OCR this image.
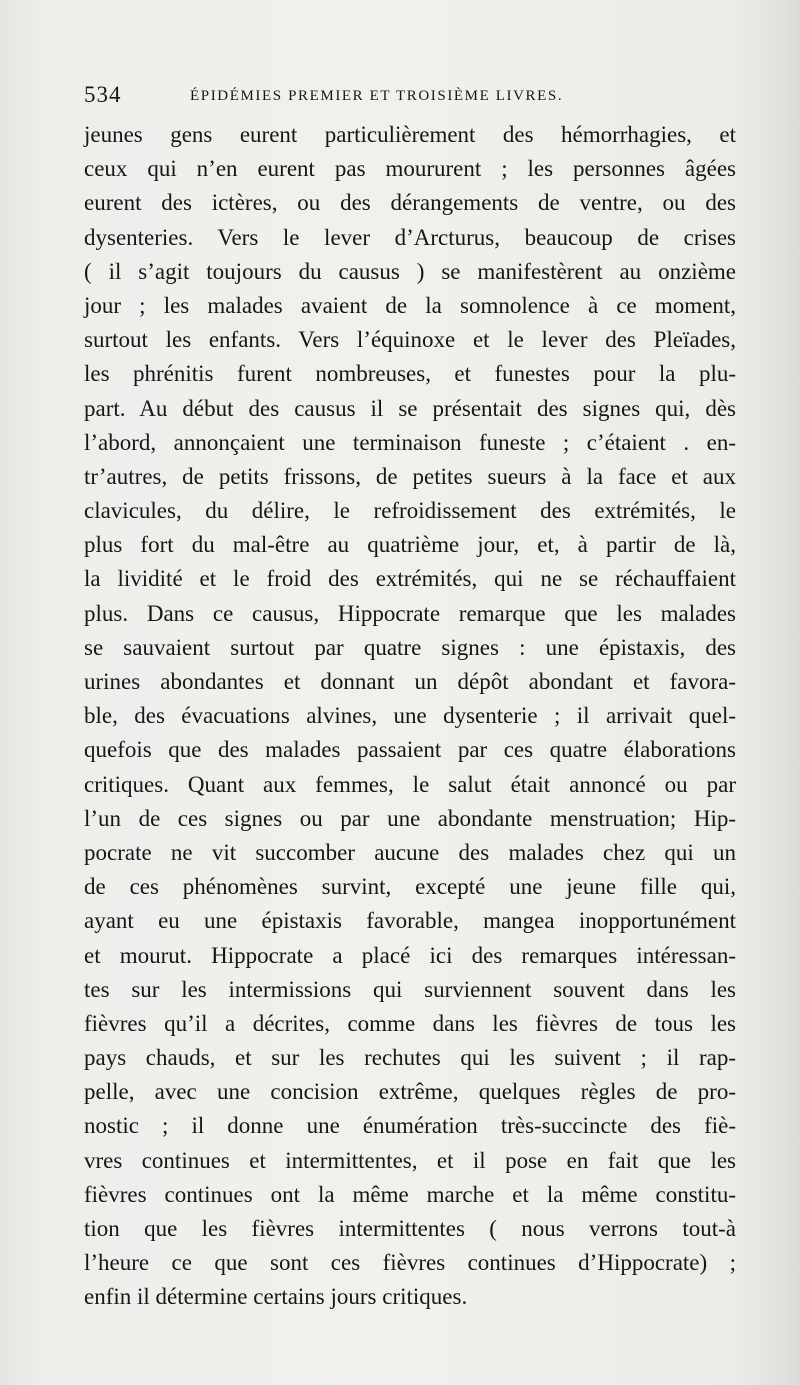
534	ÉPIDÉMIES PREMIER ET TROISIÈME LIVRES.
jeunes gens eurent particulièrement des hémorrhagies, et
ceux qui n’en eurent pas moururent ; les personnes âgées
eurent des ictères, ou des dérangements de ventre, ou des
dysenteries. Vers le lever d’Arcturus, beaucoup de crises
( il s’agit toujours du causus ) se manifestèrent au onzième
jour ; les malades avaient de la somnolence à ce moment,
surtout les enfants. Vers l’équinoxe et le lever des Pleïades,
les phrénitis furent nombreuses, et funestes pour la plu-
part. Au début des causus il se présentait des signes qui, dès
l’abord, annonçaient une terminaison funeste ; c’étaient . en-
tr’autres, de petits frissons, de petites sueurs à la face et aux
clavicules, du délire, le refroidissement des extrémités, le
plus fort du mal-être au quatrième jour, et, à partir de là,
la lividité et le froid des extrémités, qui ne se réchauffaient
plus. Dans ce causus, Hippocrate remarque que les malades
se sauvaient surtout par quatre signes : une épistaxis, des
urines abondantes et donnant un dépôt abondant et favora-
ble, des évacuations alvines, une dysenterie ; il arrivait quel-
quefois que des malades passaient par ces quatre élaborations
critiques. Quant aux femmes, le salut était annoncé ou par
l’un de ces signes ou par une abondante menstruation; Hip-
pocrate ne vit succomber aucune des malades chez qui un
de ces phénomènes survint, excepté une jeune fille qui,
ayant eu une épistaxis favorable, mangea inopportunément
et mourut. Hippocrate a placé ici des remarques intéressan-
tes sur les intermissions qui surviennent souvent dans les
fièvres qu’il a décrites, comme dans les fièvres de tous les
pays chauds, et sur les rechutes qui les suivent ; il rap-
pelle, avec une concision extrême, quelques règles de pro-
nostic ; il donne une énumération très-succincte des fiè-
vres continues et intermittentes, et il pose en fait que les
fièvres continues ont la même marche et la même constitu-
tion que les fièvres intermittentes ( nous verrons tout-à
l’heure ce que sont ces fièvres continues d’Hippocrate) ;
enfin il détermine certains jours critiques.
